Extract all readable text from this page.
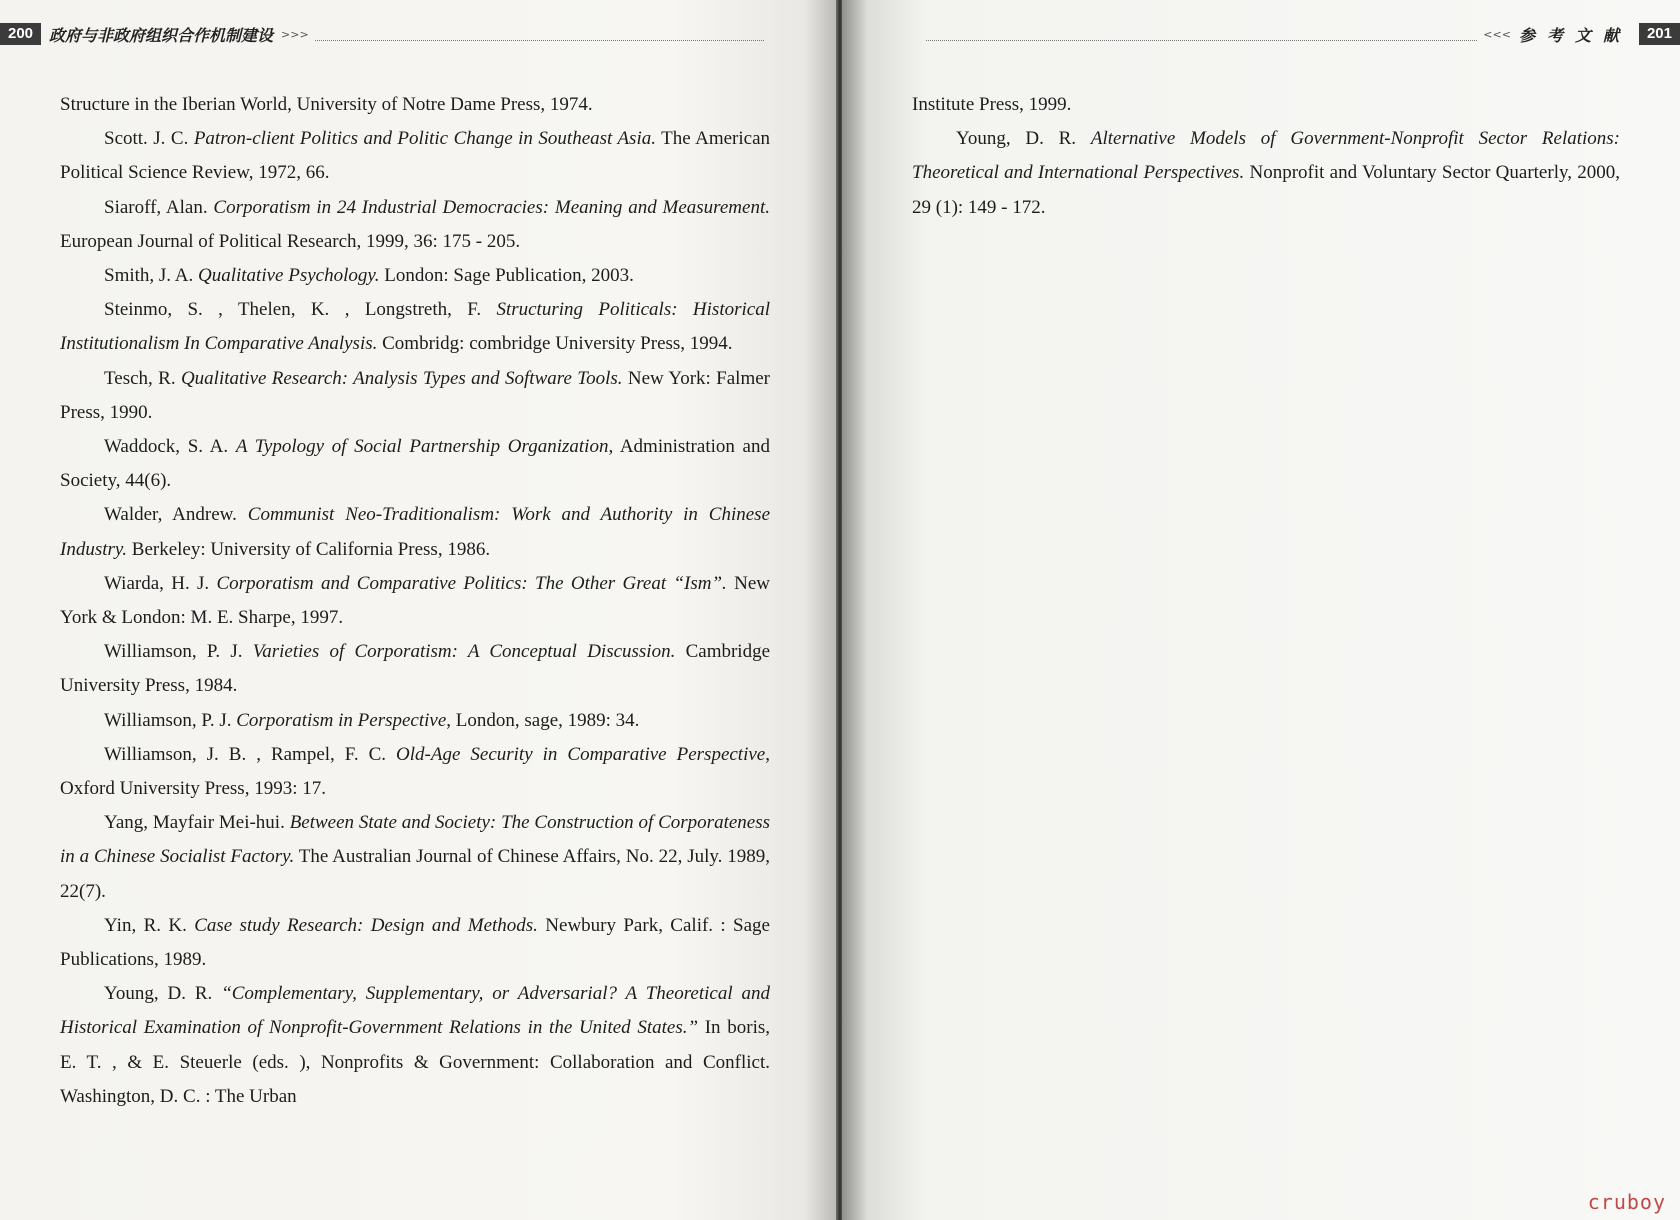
200	政府与非政府组织合作机制建设 >>>

Structure in the Iberian World, University of Notre Dame Press, 1974.

Scott. J. C. Patron-client Politics and Politic Change in Southeast Asia. The American Political Science Review, 1972, 66.

Siaroff, Alan. Corporatism in 24 Industrial Democracies: Meaning and Measurement. European Journal of Political Research, 1999, 36: 175 - 205.

Smith, J. A. Qualitative Psychology. London: Sage Publication, 2003.

Steinmo, S. , Thelen, K. , Longstreth, F. Structuring Politicals: Historical Institutionalism In Comparative Analysis. Combridg: combridge University Press, 1994.

Tesch, R. Qualitative Research: Analysis Types and Software Tools. New York: Falmer Press, 1990.

Waddock, S. A. A Typology of Social Partnership Organization, Administration and Society, 44(6).

Walder, Andrew. Communist Neo-Traditionalism: Work and Authority in Chinese Industry. Berkeley: University of California Press, 1986.

Wiarda, H. J. Corporatism and Comparative Politics: The Other Great “Ism”. New York & London: M. E. Sharpe, 1997.

Williamson, P. J. Varieties of Corporatism: A Conceptual Discussion. Cambridge University Press, 1984.

Williamson, P. J. Corporatism in Perspective, London, sage, 1989: 34.

Williamson, J. B. , Rampel, F. C. Old-Age Security in Comparative Perspective, Oxford University Press, 1993: 17.

Yang, Mayfair Mei-hui. Between State and Society: The Construction of Corporateness in a Chinese Socialist Factory. The Australian Journal of Chinese Affairs, No. 22, July. 1989, 22(7).

Yin, R. K. Case study Research: Design and Methods. Newbury Park, Calif. : Sage Publications, 1989.

Young, D. R. “Complementary, Supplementary, or Adversarial? A Theoretical and Historical Examination of Nonprofit-Government Relations in the United States.” In boris, E. T. , & E. Steuerle (eds. ), Nonprofits & Government: Collaboration and Conflict. Washington, D. C. : The Urban

<<< 参考文献	201

Institute Press, 1999.

Young, D. R. Alternative Models of Government-Nonprofit Sector Relations: Theoretical and International Perspectives. Nonprofit and Voluntary Sector Quarterly, 2000, 29 (1): 149 - 172.

cruboy
